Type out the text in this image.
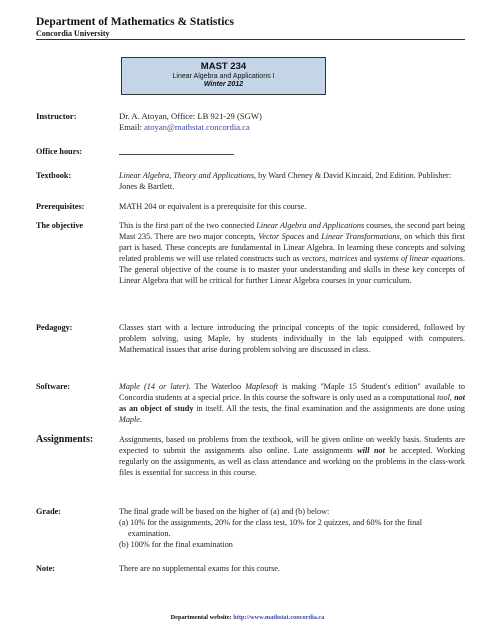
Department of Mathematics & Statistics
Concordia University
MAST 234
Linear Algebra and Applications I
Winter 2012
Instructor:	Dr. A. Atoyan, Office: LB 921-29 (SGW)

Email: atoyan@mathstat.concordia.ca

Office hours:
Textbook:	Linear Algebra, Theory and Applications, by Ward Cheney & David Kincaid, 2nd Edition. Publisher: Jones & Bartlett.

Prerequisites:	MATH 204 or equivalent is a prerequisite for this course.
The objective	This is the first part of the two connected Linear Algebra and Applications courses, the second part being Mast 235. There are two major concepts, Vector Spaces and Linear Transformations, on which this first part is based. These concepts are fundamental in Linear Algebra. In learning these concepts and solving related problems we will use related constructs such as vectors, matrices and systems of linear equations. The general objective of the course is to master your understanding and skills in these key concepts of Linear Algebra that will be critical for further Linear Algebra courses in your curriculum.
Pedagogy:	Classes start with a lecture introducing the principal concepts of the topic considered, followed by problem solving, using Maple, by students individually in the lab equipped with computers. Mathematical issues that arise during problem solving are discussed in class.
Software:	Maple (14 or later). The Waterloo Maplesoft is making "Maple 15 Student's edition" available to Concordia students at a special price. In this course the software is only used as a computational tool, not as an object of study in itself. All the tests, the final examination and the assignments are done using Maple.
Assignments:	Assignments, based on problems from the textbook, will be given online on weekly basis. Students are expected to submit the assignments also online. Late assignments will not be accepted. Working regularly on the assignments, as well as class attendance and working on the problems in the class-work files is essential for success in this course.
Grade:	The final grade will be based on the higher of (a) and (b) below:

(a) 10% for the assignments, 20% for the class test, 10% for 2 quizzes, and 60% for the final examination.

(b) 100% for the final examination

Note:	There are no supplemental exams for this course.
Departmental website: http://www.mathstat.concordia.ca
